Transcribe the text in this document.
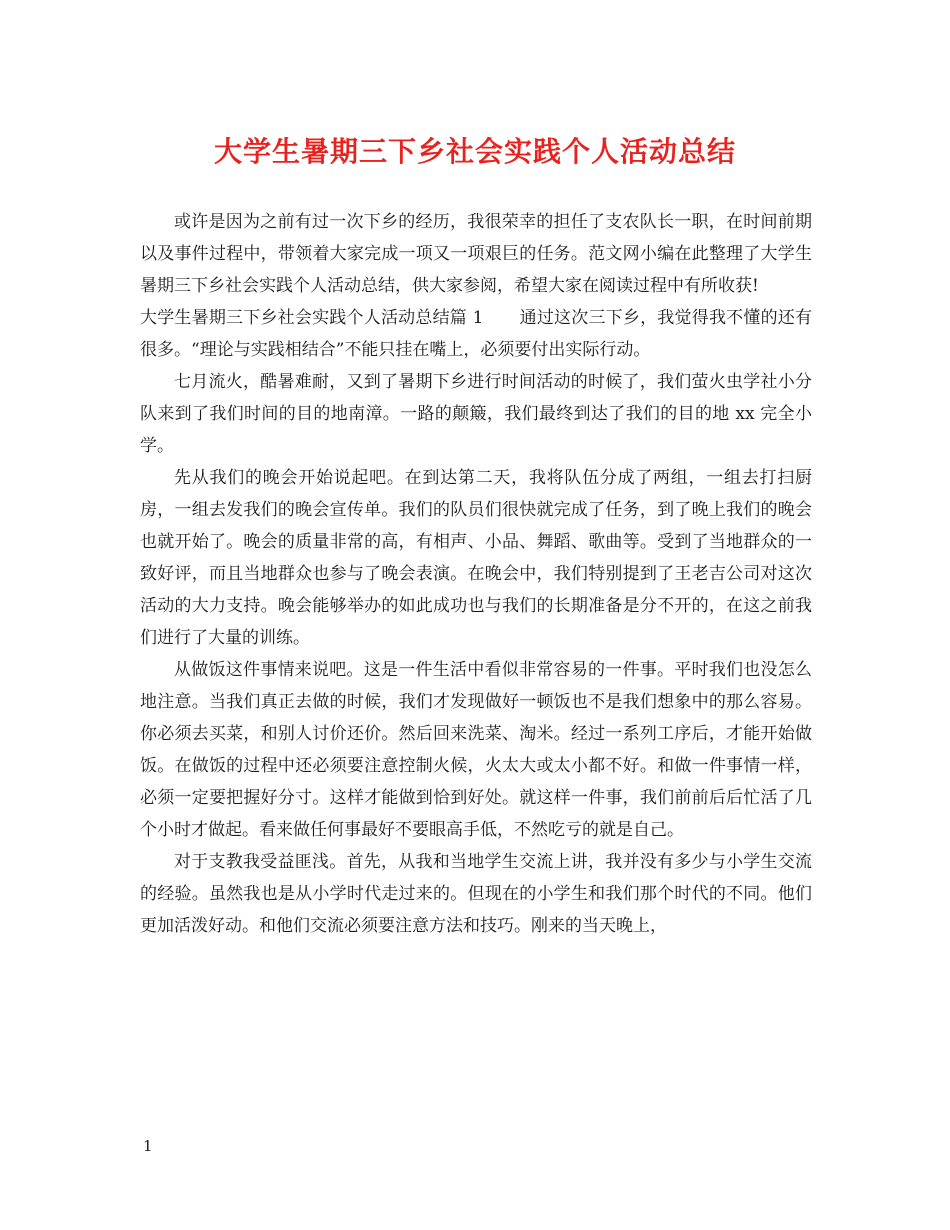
大学生暑期三下乡社会实践个人活动总结

或许是因为之前有过一次下乡的经历，我很荣幸的担任了支农队长一职，在时间前期以及事件过程中，带领着大家完成一项又一项艰巨的任务。范文网小编在此整理了大学生暑期三下乡社会实践个人活动总结，供大家参阅，希望大家在阅读过程中有所收获!

大学生暑期三下乡社会实践个人活动总结篇 1 通过这次三下乡，我觉得我不懂的还有很多。“理论与实践相结合”不能只挂在嘴上，必须要付出实际行动。

七月流火，酷暑难耐，又到了暑期下乡进行时间活动的时候了，我们萤火虫学社小分队来到了我们时间的目的地南漳。一路的颠簸，我们最终到达了我们的目的地 xx 完全小学。

先从我们的晚会开始说起吧。在到达第二天，我将队伍分成了两组，一组去打扫厨房，一组去发我们的晚会宣传单。我们的队员们很快就完成了任务，到了晚上我们的晚会也就开始了。晚会的质量非常的高，有相声、小品、舞蹈、歌曲等。受到了当地群众的一致好评，而且当地群众也参与了晚会表演。在晚会中，我们特别提到了王老吉公司对这次活动的大力支持。晚会能够举办的如此成功也与我们的长期准备是分不开的，在这之前我们进行了大量的训练。

从做饭这件事情来说吧。这是一件生活中看似非常容易的一件事。平时我们也没怎么地注意。当我们真正去做的时候，我们才发现做好一顿饭也不是我们想象中的那么容易。你必须去买菜，和别人讨价还价。然后回来洗菜、淘米。经过一系列工序后，才能开始做饭。在做饭的过程中还必须要注意控制火候，火太大或太小都不好。和做一件事情一样，必须一定要把握好分寸。这样才能做到恰到好处。就这样一件事，我们前前后后忙活了几个小时才做起。看来做任何事最好不要眼高手低，不然吃亏的就是自己。

对于支教我受益匪浅。首先，从我和当地学生交流上讲，我并没有多少与小学生交流的经验。虽然我也是从小学时代走过来的。但现在的小学生和我们那个时代的不同。他们更加活泼好动。和他们交流必须要注意方法和技巧。刚来的当天晚上，

1
